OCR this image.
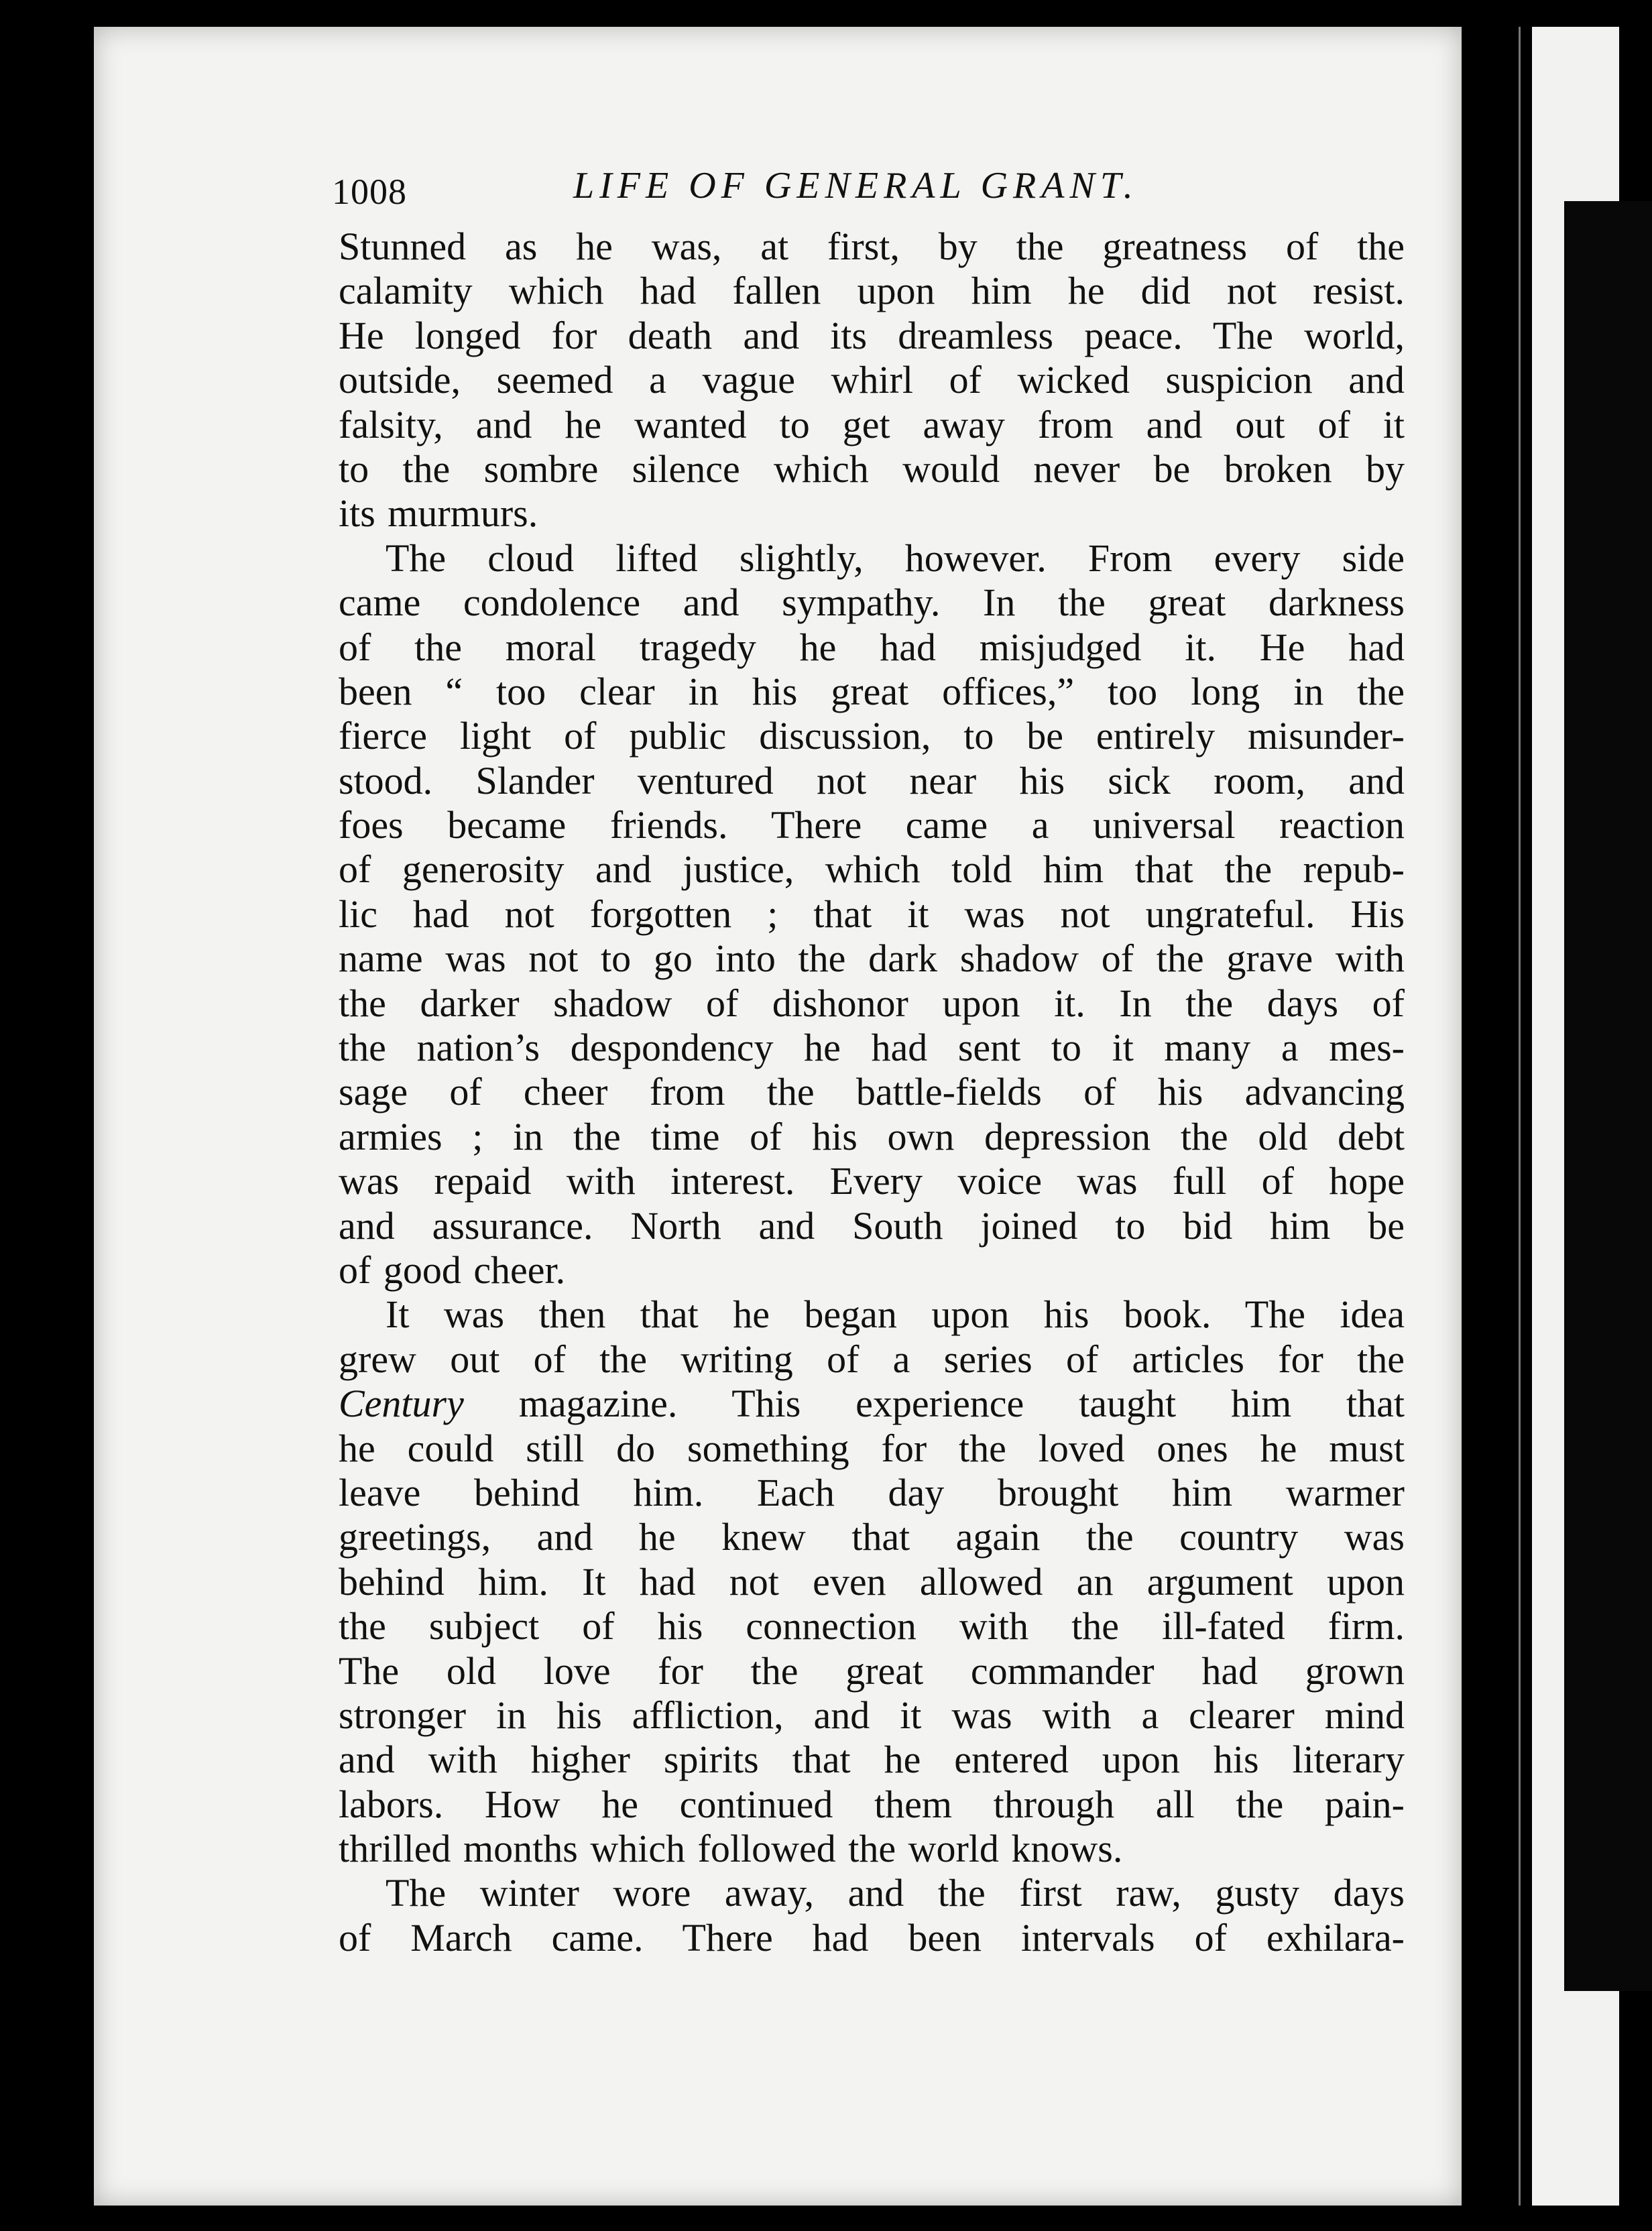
1008	LIFE OF GENERAL GRANT.
Stunned as he was, at first, by the greatness of the
calamity which had fallen upon him he did not resist.
He longed for death and its dreamless peace. The world,
outside, seemed a vague whirl of wicked suspicion and
falsity, and he wanted to get away from and out of it
to the sombre silence which would never be broken by
its murmurs.
The cloud lifted slightly, however. From every side
came condolence and sympathy. In the great darkness
of the moral tragedy he had misjudged it. He had
been “ too clear in his great offices,” too long in the
fierce light of public discussion, to be entirely misunder-
stood. Slander ventured not near his sick room, and
foes became friends. There came a universal reaction
of generosity and justice, which told him that the repub-
lic had not forgotten ; that it was not ungrateful. His
name was not to go into the dark shadow of the grave with
the darker shadow of dishonor upon it. In the days of
the nation’s despondency he had sent to it many a mes-
sage of cheer from the battle-fields of his advancing
armies ; in the time of his own depression the old debt
was repaid with interest. Every voice was full of hope
and assurance. North and South joined to bid him be
of good cheer.
It was then that he began upon his book. The idea
grew out of the writing of a series of articles for the
Century magazine. This experience taught him that
he could still do something for the loved ones he must
leave behind him. Each day brought him warmer
greetings, and he knew that again the country was
behind him. It had not even allowed an argument upon
the subject of his connection with the ill-fated firm.
The old love for the great commander had grown
stronger in his affliction, and it was with a clearer mind
and with higher spirits that he entered upon his literary
labors. How he continued them through all the pain-
thrilled months which followed the world knows.
The winter wore away, and the first raw, gusty days
of March came. There had been intervals of exhilara-
